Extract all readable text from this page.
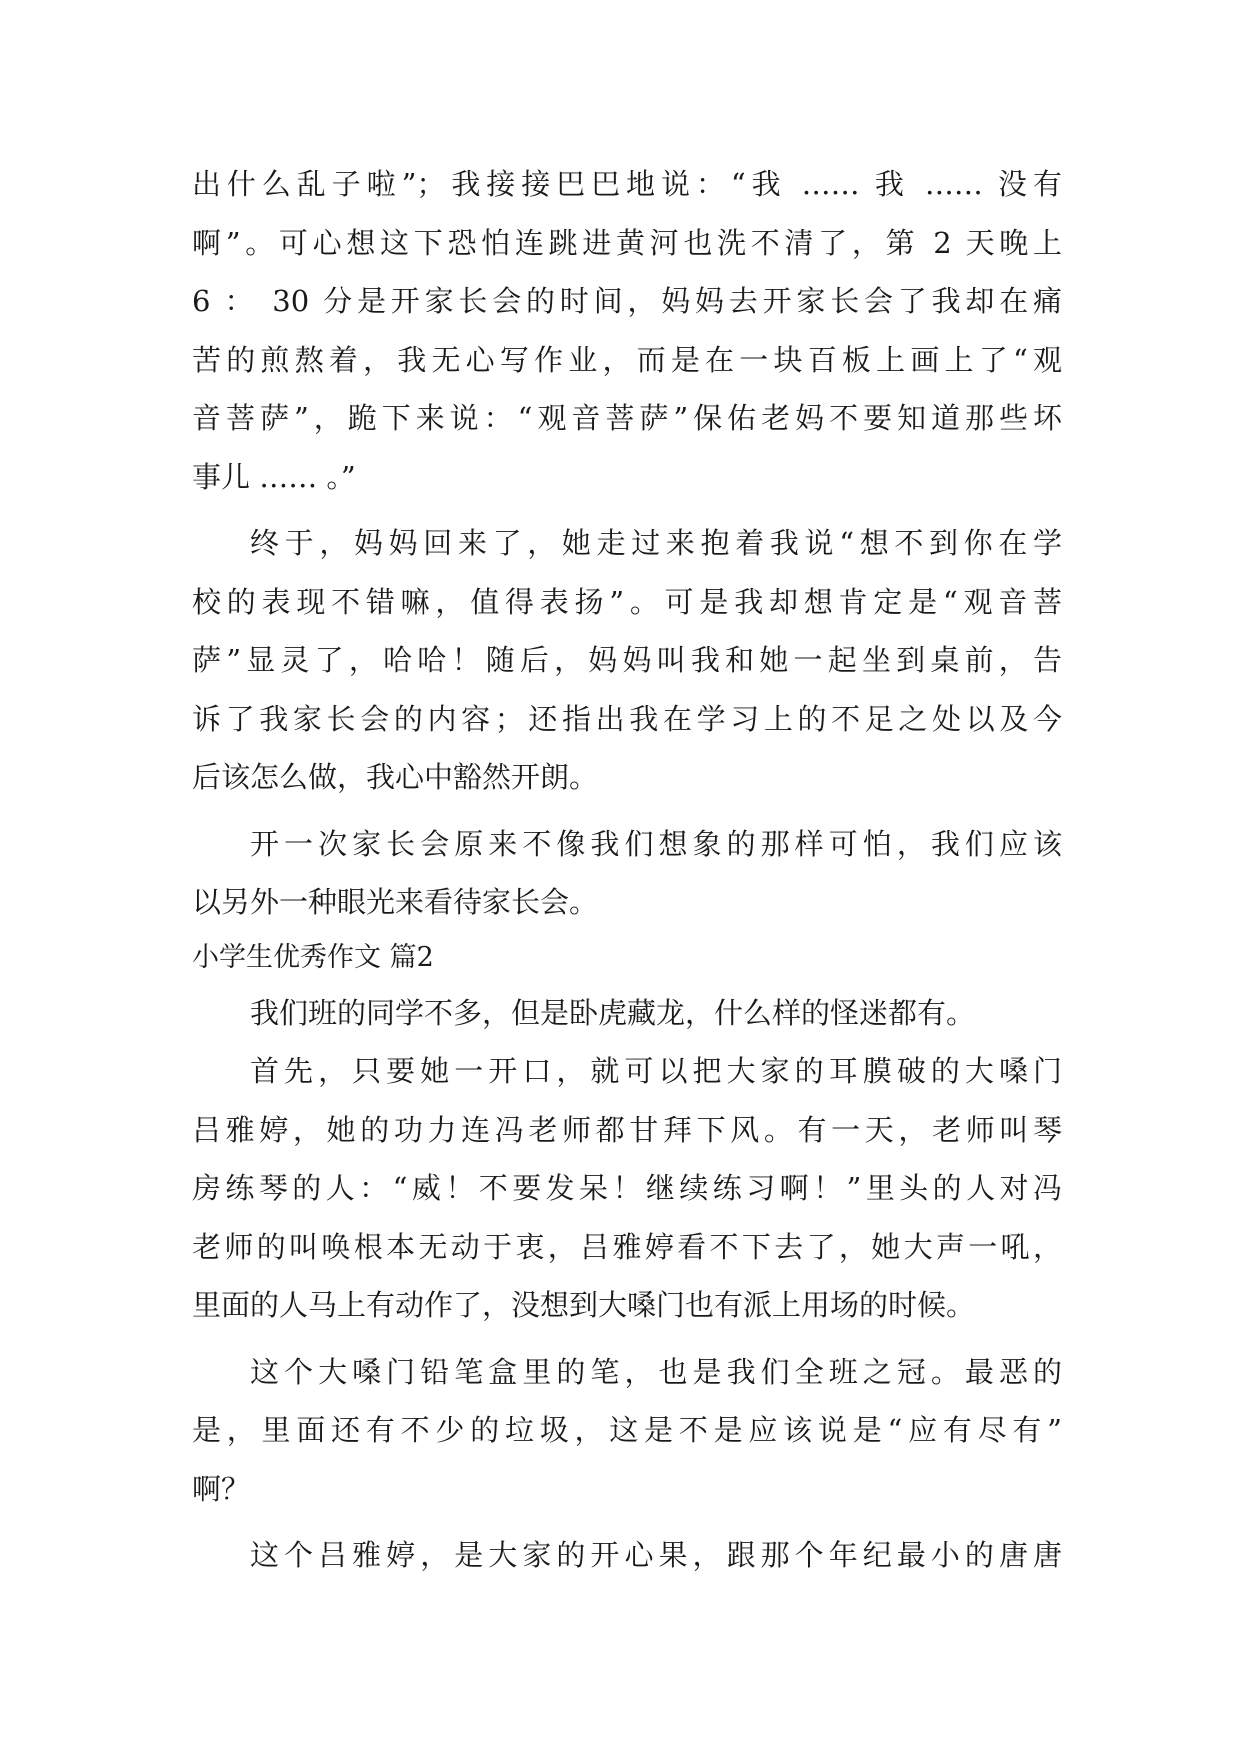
出什么乱子啦”；我接接巴巴地说：“我 …… 我 …… 没有
啊”。可心想这下恐怕连跳进黄河也洗不清了，第 2 天晚上
6 ： 30 分是开家长会的时间，妈妈去开家长会了我却在痛
苦的煎熬着，我无心写作业，而是在一块百板上画上了“观
音菩萨”，跪下来说：“观音菩萨”保佑老妈不要知道那些坏
事儿 …… 。”
终于，妈妈回来了，她走过来抱着我说“想不到你在学
校的表现不错嘛，值得表扬”。可是我却想肯定是“观音菩
萨”显灵了，哈哈！随后，妈妈叫我和她一起坐到桌前，告
诉了我家长会的内容；还指出我在学习上的不足之处以及今
后该怎么做，我心中豁然开朗。
开一次家长会原来不像我们想象的那样可怕，我们应该
以另外一种眼光来看待家长会。
小学生优秀作文 篇2
我们班的同学不多，但是卧虎藏龙，什么样的怪迷都有。
首先，只要她一开口，就可以把大家的耳膜破的大嗓门
吕雅婷，她的功力连冯老师都甘拜下风。有一天，老师叫琴
房练琴的人：“威！不要发呆！继续练习啊！”里头的人对冯
老师的叫唤根本无动于衷，吕雅婷看不下去了，她大声一吼，
里面的人马上有动作了，没想到大嗓门也有派上用场的时候。
这个大嗓门铅笔盒里的笔，也是我们全班之冠。最恶的
是，里面还有不少的垃圾，这是不是应该说是“应有尽有”
啊？
这个吕雅婷，是大家的开心果，跟那个年纪最小的唐唐
